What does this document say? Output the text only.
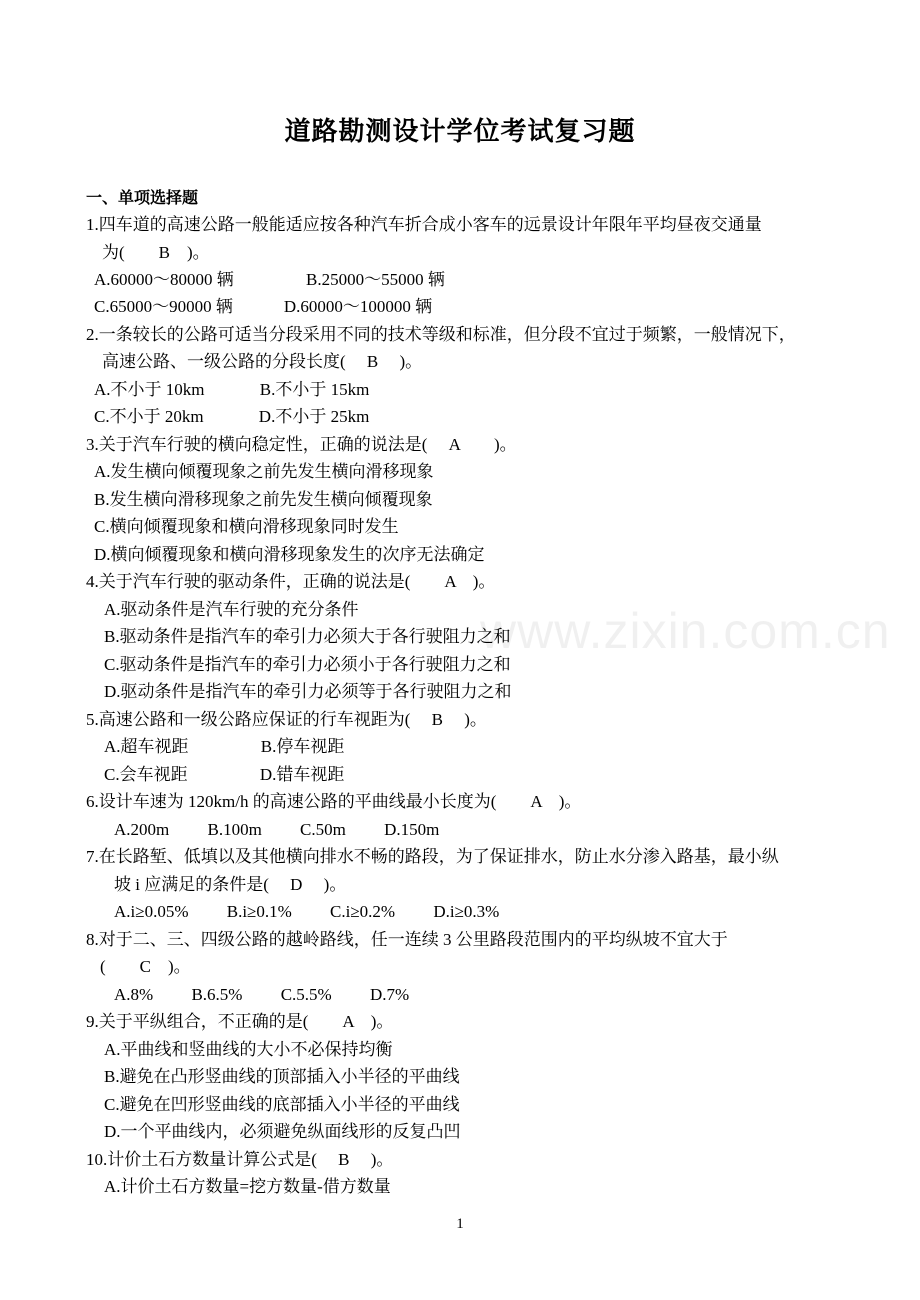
www.zixin.com.cn
道路勘测设计学位考试复习题
一、单项选择题
1.四车道的高速公路一般能适应按各种汽车折合成小客车的远景设计年限年平均昼夜交通量
为(　　B　)。
A.60000～80000 辆　　　　 B.25000～55000 辆
C.65000～90000 辆　　　D.60000～100000 辆
2.一条较长的公路可适当分段采用不同的技术等级和标准，但分段不宜过于频繁，一般情况下，
高速公路、一级公路的分段长度(　 B　 )。
A.不小于 10km　　　 B.不小于 15km
C.不小于 20km　　　 D.不小于 25km
3.关于汽车行驶的横向稳定性，正确的说法是(　 A　　)。
A.发生横向倾覆现象之前先发生横向滑移现象
B.发生横向滑移现象之前先发生横向倾覆现象
C.横向倾覆现象和横向滑移现象同时发生
D.横向倾覆现象和横向滑移现象发生的次序无法确定
4.关于汽车行驶的驱动条件，正确的说法是(　　A　)。
A.驱动条件是汽车行驶的充分条件
B.驱动条件是指汽车的牵引力必须大于各行驶阻力之和
C.驱动条件是指汽车的牵引力必须小于各行驶阻力之和
D.驱动条件是指汽车的牵引力必须等于各行驶阻力之和
5.高速公路和一级公路应保证的行车视距为(　 B　 )。
A.超车视距　　　　 B.停车视距
C.会车视距　　　　 D.错车视距
6.设计车速为 120km/h 的高速公路的平曲线最小长度为(　　A　)。
A.200m　　 B.100m　　 C.50m　　 D.150m
7.在长路堑、低填以及其他横向排水不畅的路段，为了保证排水，防止水分渗入路基，最小纵
坡 i 应满足的条件是(　 D　 )。
A.i≥0.05%　　 B.i≥0.1%　　 C.i≥0.2%　　 D.i≥0.3%
8.对于二、三、四级公路的越岭路线，任一连续 3 公里路段范围内的平均纵坡不宜大于
(　　C　)。
A.8%　　 B.6.5%　　 C.5.5%　　 D.7%
9.关于平纵组合，不正确的是(　　A　)。
A.平曲线和竖曲线的大小不必保持均衡
B.避免在凸形竖曲线的顶部插入小半径的平曲线
C.避免在凹形竖曲线的底部插入小半径的平曲线
D.一个平曲线内，必须避免纵面线形的反复凸凹
10.计价土石方数量计算公式是(　 B　 )。
A.计价土石方数量=挖方数量-借方数量
1
